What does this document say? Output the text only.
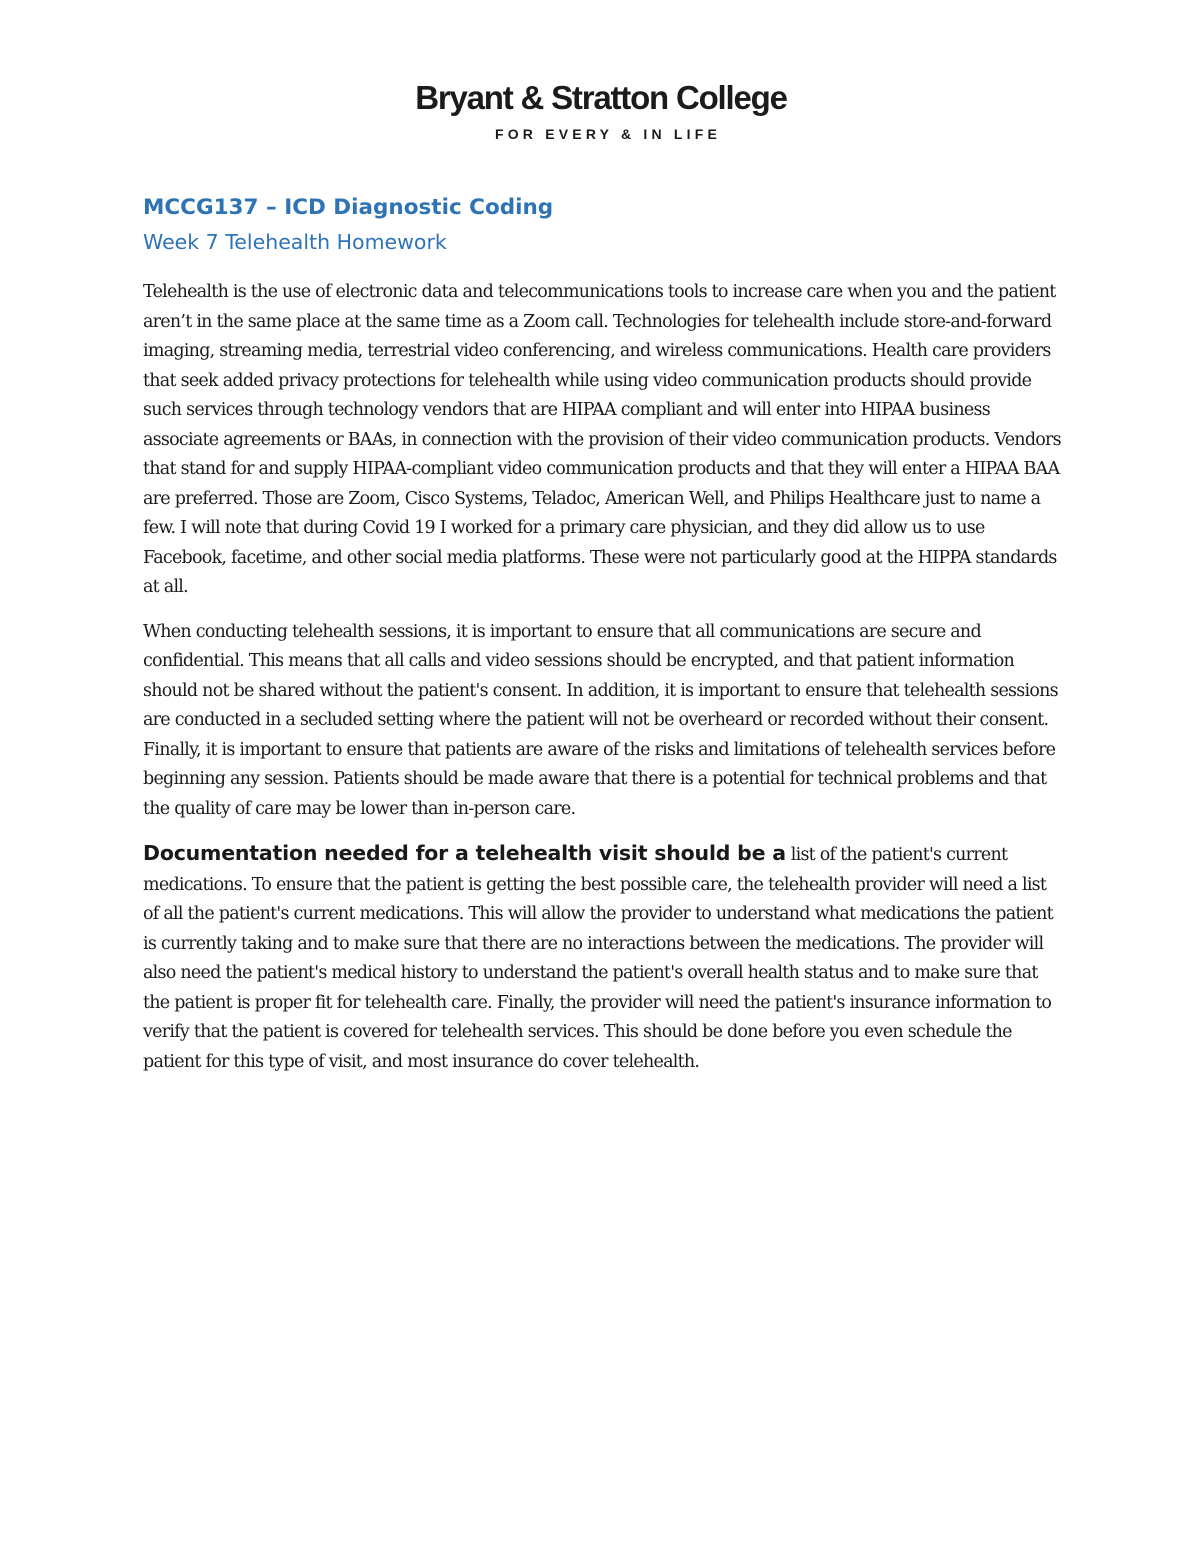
Bryant & Stratton College
FOR EVERY & IN LIFE
MCCG137 – ICD Diagnostic Coding
Week 7 Telehealth Homework

Telehealth is the use of electronic data and telecommunications tools to increase care when you and the patient aren’t in the same place at the same time as a Zoom call. Technologies for telehealth include store-and-forward imaging, streaming media, terrestrial video conferencing, and wireless communications. Health care providers that seek added privacy protections for telehealth while using video communication products should provide such services through technology vendors that are HIPAA compliant and will enter into HIPAA business associate agreements or BAAs, in connection with the provision of their video communication products. Vendors that stand for and supply HIPAA-compliant video communication products and that they will enter a HIPAA BAA are preferred. Those are Zoom, Cisco Systems, Teladoc, American Well, and Philips Healthcare just to name a few. I will note that during Covid 19 I worked for a primary care physician, and they did allow us to use Facebook, facetime, and other social media platforms. These were not particularly good at the HIPPA standards at all.

When conducting telehealth sessions, it is important to ensure that all communications are secure and confidential. This means that all calls and video sessions should be encrypted, and that patient information should not be shared without the patient's consent. In addition, it is important to ensure that telehealth sessions are conducted in a secluded setting where the patient will not be overheard or recorded without their consent. Finally, it is important to ensure that patients are aware of the risks and limitations of telehealth services before beginning any session. Patients should be made aware that there is a potential for technical problems and that the quality of care may be lower than in-person care.

Documentation needed for a telehealth visit should be a list of the patient's current medications. To ensure that the patient is getting the best possible care, the telehealth provider will need a list of all the patient's current medications. This will allow the provider to understand what medications the patient is currently taking and to make sure that there are no interactions between the medications. The provider will also need the patient's medical history to understand the patient's overall health status and to make sure that the patient is proper fit for telehealth care. Finally, the provider will need the patient's insurance information to verify that the patient is covered for telehealth services. This should be done before you even schedule the patient for this type of visit, and most insurance do cover telehealth.
